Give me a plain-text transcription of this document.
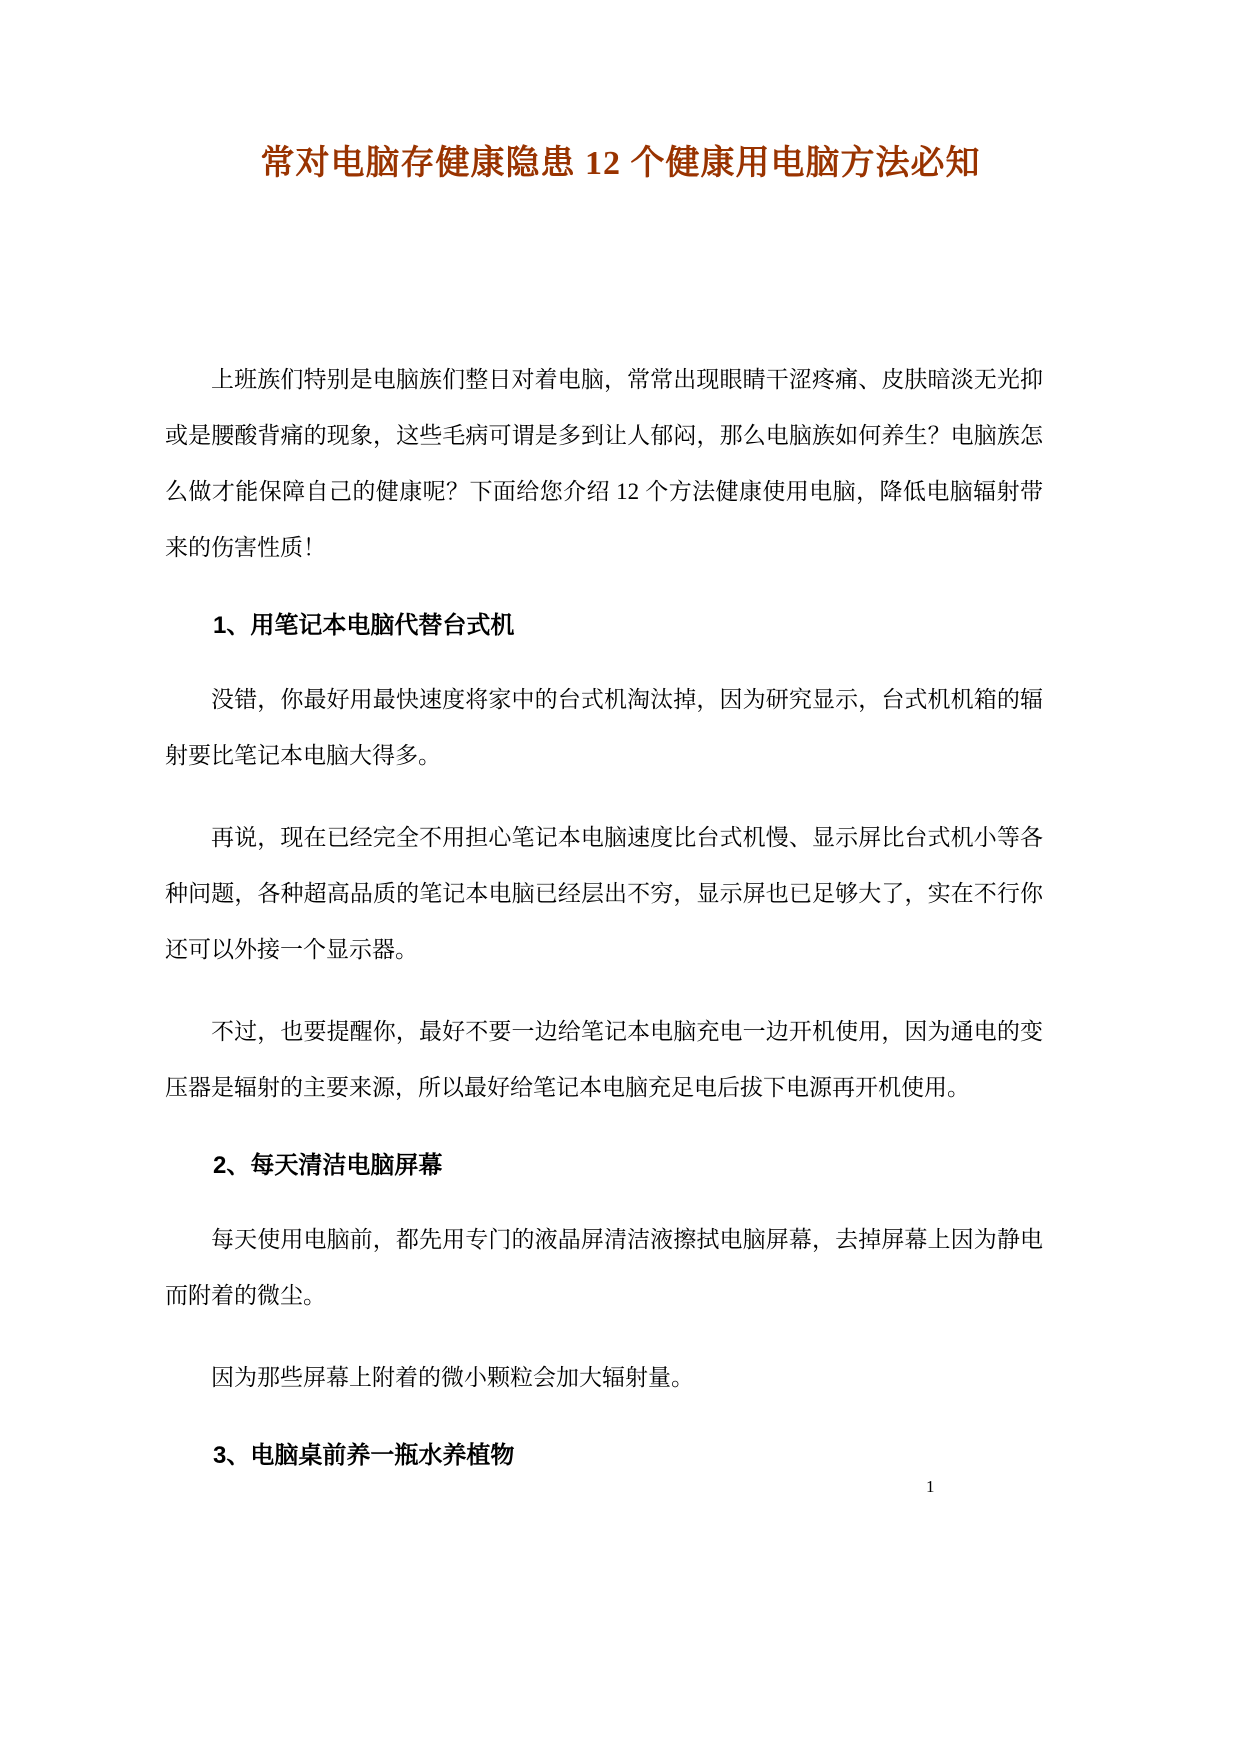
常对电脑存健康隐患 12 个健康用电脑方法必知

上班族们特别是电脑族们整日对着电脑，常常出现眼睛干涩疼痛、皮肤暗淡无光抑或是腰酸背痛的现象，这些毛病可谓是多到让人郁闷，那么电脑族如何养生？电脑族怎么做才能保障自己的健康呢？下面给您介绍 12 个方法健康使用电脑，降低电脑辐射带来的伤害性质！

1、用笔记本电脑代替台式机

没错，你最好用最快速度将家中的台式机淘汰掉，因为研究显示，台式机机箱的辐射要比笔记本电脑大得多。

再说，现在已经完全不用担心笔记本电脑速度比台式机慢、显示屏比台式机小等各种问题，各种超高品质的笔记本电脑已经层出不穷，显示屏也已足够大了，实在不行你还可以外接一个显示器。

不过，也要提醒你，最好不要一边给笔记本电脑充电一边开机使用，因为通电的变压器是辐射的主要来源，所以最好给笔记本电脑充足电后拔下电源再开机使用。

2、每天清洁电脑屏幕

每天使用电脑前，都先用专门的液晶屏清洁液擦拭电脑屏幕，去掉屏幕上因为静电而附着的微尘。

因为那些屏幕上附着的微小颗粒会加大辐射量。

3、电脑桌前养一瓶水养植物
1
